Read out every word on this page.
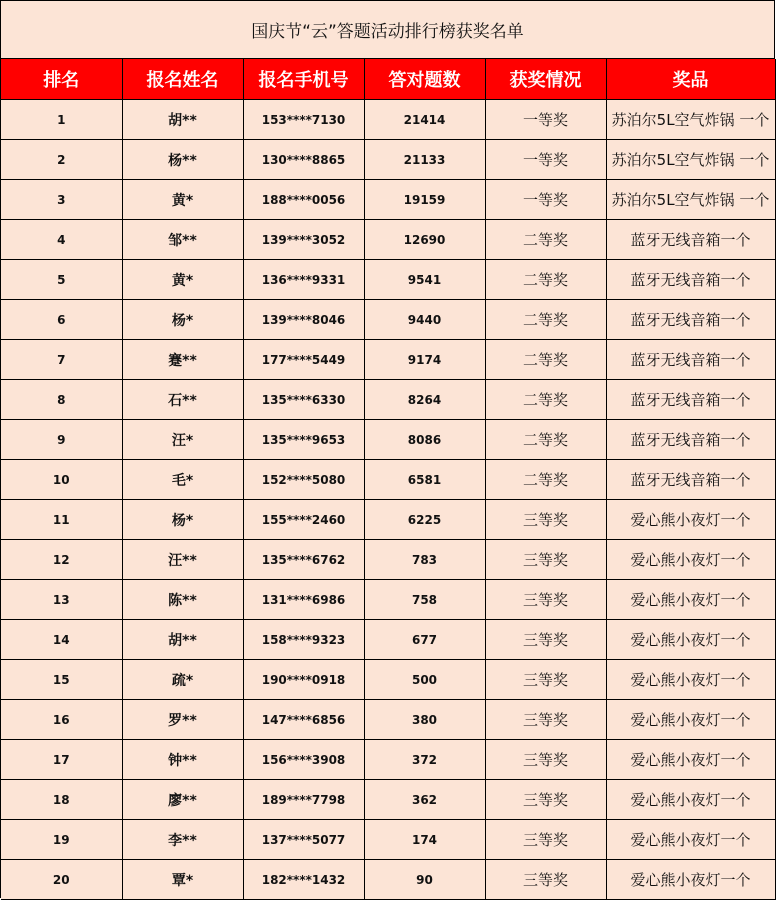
国庆节“云”答题活动排行榜获奖名单
排名	报名姓名	报名手机号	答对题数	获奖情况	奖品
1	胡**	153****7130	21414	一等奖	苏泊尔5L空气炸锅 一个
2	杨**	130****8865	21133	一等奖	苏泊尔5L空气炸锅 一个
3	黄*	188****0056	19159	一等奖	苏泊尔5L空气炸锅 一个
4	邹**	139****3052	12690	二等奖	蓝牙无线音箱一个
5	黄*	136****9331	9541	二等奖	蓝牙无线音箱一个
6	杨*	139****8046	9440	二等奖	蓝牙无线音箱一个
7	蹇**	177****5449	9174	二等奖	蓝牙无线音箱一个
8	石**	135****6330	8264	二等奖	蓝牙无线音箱一个
9	汪*	135****9653	8086	二等奖	蓝牙无线音箱一个
10	毛*	152****5080	6581	二等奖	蓝牙无线音箱一个
11	杨*	155****2460	6225	三等奖	爱心熊小夜灯一个
12	汪**	135****6762	783	三等奖	爱心熊小夜灯一个
13	陈**	131****6986	758	三等奖	爱心熊小夜灯一个
14	胡**	158****9323	677	三等奖	爱心熊小夜灯一个
15	疏*	190****0918	500	三等奖	爱心熊小夜灯一个
16	罗**	147****6856	380	三等奖	爱心熊小夜灯一个
17	钟**	156****3908	372	三等奖	爱心熊小夜灯一个
18	廖**	189****7798	362	三等奖	爱心熊小夜灯一个
19	李**	137****5077	174	三等奖	爱心熊小夜灯一个
20	覃*	182****1432	90	三等奖	爱心熊小夜灯一个
